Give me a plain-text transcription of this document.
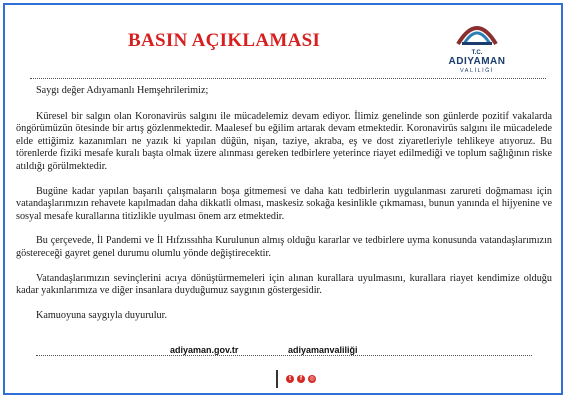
BASIN AÇIKLAMASI
T.C.
ADIYAMAN
VALİLİĞİ

Saygı değer Adıyamanlı Hemşehrilerimiz;

Küresel bir salgın olan Koronavirüs salgını ile mücadelemiz devam ediyor. İlimiz genelinde son günlerde pozitif vakalarda öngörümüzün ötesinde bir artış gözlenmektedir. Maalesef bu eğilim artarak devam etmektedir. Koronavirüs salgını ile mücadelede elde ettiğimiz kazanımları ne yazık ki yapılan düğün, nişan, taziye, akraba, eş ve dost ziyaretleriyle tehlikeye atıyoruz. Bu törenlerde fiziki mesafe kuralı başta olmak üzere alınması gereken tedbirlere yeterince riayet edilmediği ve toplum sağlığının riske atıldığı görülmektedir.

Bugüne kadar yapılan başarılı çalışmaların boşa gitmemesi ve daha katı tedbirlerin uygulanması zarureti doğmaması için vatandaşlarımızın rehavete kapılmadan daha dikkatli olması, maskesiz sokağa kesinlikle çıkmaması, bunun yanında el hijyenine ve sosyal mesafe kurallarına titizlikle uyulması önem arz etmektedir.

Bu çerçevede, İl Pandemi ve İl Hıfzıssıhha Kurulunun almış olduğu kararlar ve tedbirlere uyma konusunda vatandaşlarımızın göstereceği gayret genel durumu olumlu yönde değiştirecektir.

Vatandaşlarımızın sevinçlerini acıya dönüştürmemeleri için alınan kurallara uyulmasını, kurallara riayet kendimize olduğu kadar yakınlarımıza ve diğer insanlara duyduğumuz saygının göstergesidir.

Kamuoyuna saygıyla duyurulur.

adiyaman.gov.tr	adiyamanvaliliği
t	f	◎
